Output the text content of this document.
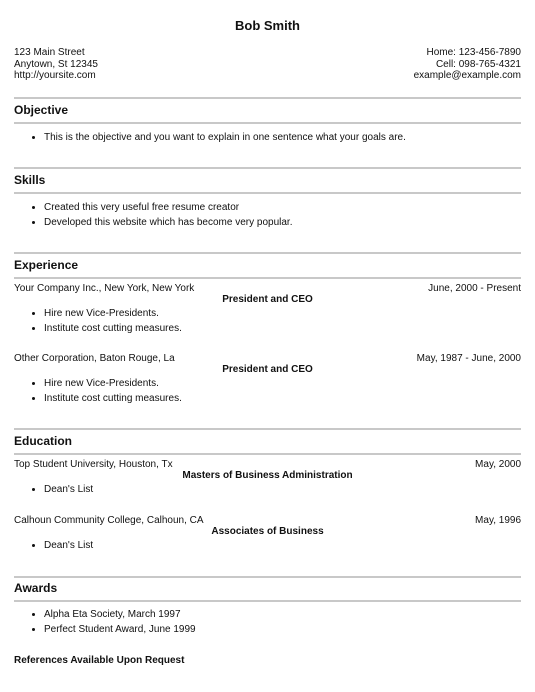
Bob Smith
123 Main Street
Anytown, St 12345
http://yoursite.com
Home: 123-456-7890
Cell: 098-765-4321
example@example.com
Objective
• This is the objective and you want to explain in one sentence what your goals are.
Skills
• Created this very useful free resume creator
• Developed this website which has become very popular.
Experience
Your Company Inc., New York, New York	June, 2000 - Present
President and CEO
• Hire new Vice-Presidents.
• Institute cost cutting measures.
Other Corporation, Baton Rouge, La	May, 1987 - June, 2000
President and CEO
• Hire new Vice-Presidents.
• Institute cost cutting measures.
Education
Top Student University, Houston, Tx	May, 2000
Masters of Business Administration
• Dean's List
Calhoun Community College, Calhoun, CA	May, 1996
Associates of Business
• Dean's List
Awards
• Alpha Eta Society, March 1997
• Perfect Student Award, June 1999
References Available Upon Request
